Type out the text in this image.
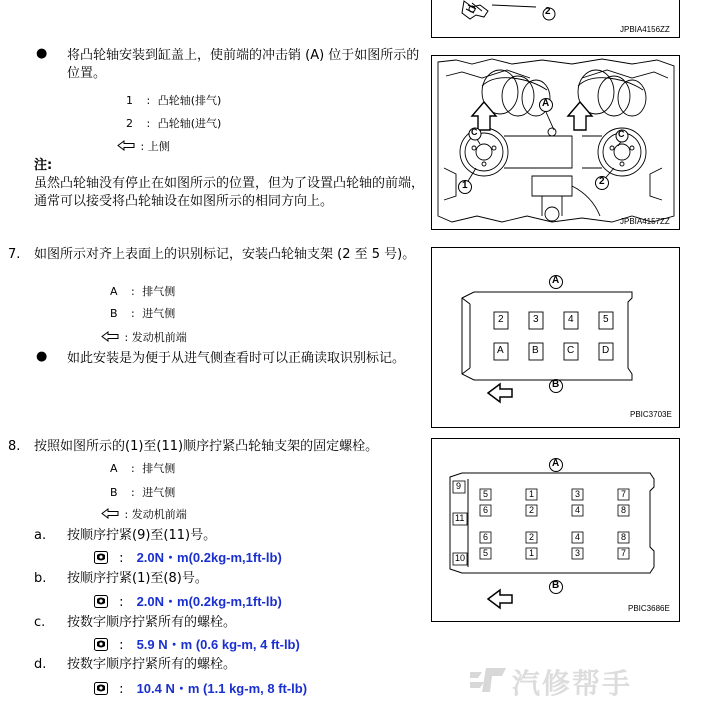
● 将凸轮轴安装到缸盖上，使前端的冲击销 (A) 位于如图所示的位置。
1 : 凸轮轴(排气)
2 : 凸轮轴(进气)
: 上侧
注:
虽然凸轮轴没有停止在如图所示的位置，但为了设置凸轮轴的前端，通常可以接受将凸轮轴设在如图所示的相同方向上。
7. 如图所示对齐上表面上的识别标记，安装凸轮轴支架 (2 至 5 号)。
A : 排气侧
B : 进气侧
: 发动机前端
● 如此安装是为便于从进气侧查看时可以正确读取识别标记。
8. 按照如图所示的(1)至(11)顺序拧紧凸轮轴支架的固定螺栓。
A : 排气侧
B : 进气侧
: 发动机前端
a. 按顺序拧紧(9)至(11)号。
: 2.0N・m(0.2kg-m,1ft-lb)
b. 按顺序拧紧(1)至(8)号。
: 2.0N・m(0.2kg-m,1ft-lb)
c. 按数字顺序拧紧所有的螺栓。
: 5.9 N・m (0.6 kg-m, 4 ft-lb)
d. 按数字顺序拧紧所有的螺栓。
: 10.4 N・m (1.1 kg-m, 8 ft-lb)
2
JPBIA4156ZZ
A
C	C
1	2
JPBIA4157ZZ
A
B
2	3	4	5
A	B	C	D
PBIC3703E
A
B
9
11
10
5	1	3	7
6	2	4	8
6	2	4	8
5	1	3	7
PBIC3686E
汽修帮手
